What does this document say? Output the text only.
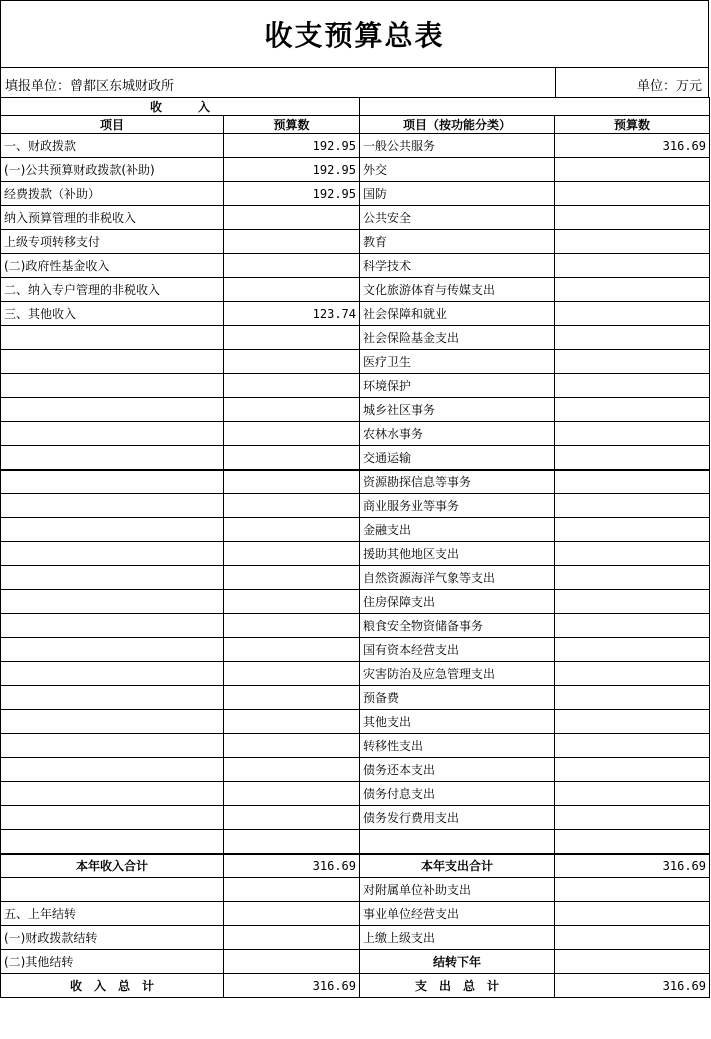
收支预算总表
填报单位：曾都区东城财政所	单位：万元
收　　　入			
项目	预算数	项目（按功能分类）	预算数
一、财政拨款	192.95	一般公共服务	316.69
(一)公共预算财政拨款(补助)	192.95	外交	
经费拨款（补助）	192.95	国防	
纳入预算管理的非税收入		公共安全	
上级专项转移支付		教育	
(二)政府性基金收入		科学技术	
二、纳入专户管理的非税收入		文化旅游体育与传媒支出	
三、其他收入	123.74	社会保障和就业	
		社会保险基金支出	
		医疗卫生	
		环境保护	
		城乡社区事务	
		农林水事务	
		交通运输	
		资源勘探信息等事务	
		商业服务业等事务	
		金融支出	
		援助其他地区支出	
		自然资源海洋气象等支出	
		住房保障支出	
		粮食安全物资储备事务	
		国有资本经营支出	
		灾害防治及应急管理支出	
		预备费	
		其他支出	
		转移性支出	
		债务还本支出	
		债务付息支出	
		债务发行费用支出	

本年收入合计	316.69	本年支出合计	316.69
		对附属单位补助支出	
五、上年结转		事业单位经营支出	
(一)财政拨款结转		上缴上级支出	
(二)其他结转		结转下年	
收　入　总　计	316.69	支　出　总　计	316.69
